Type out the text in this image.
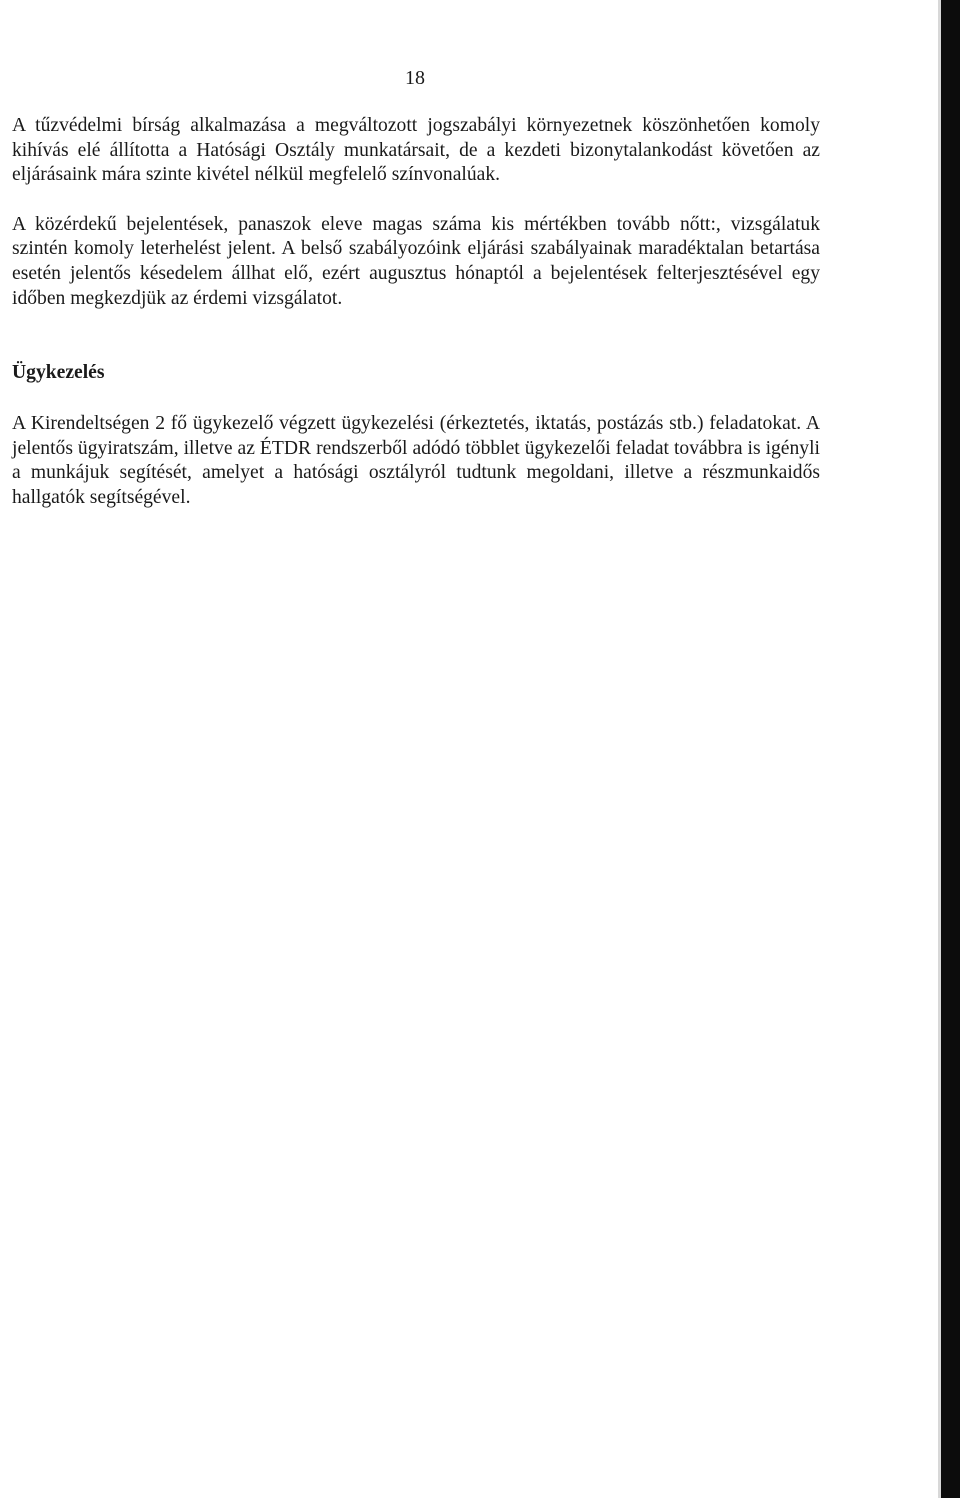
18

A tűzvédelmi bírság alkalmazása a megváltozott jogszabályi környezetnek köszönhetően komoly kihívás elé állította a Hatósági Osztály munkatársait, de a kezdeti bizonytalankodást követően az eljárásaink mára szinte kivétel nélkül megfelelő színvonalúak.

A közérdekű bejelentések, panaszok eleve magas száma kis mértékben tovább nőtt:, vizsgálatuk szintén komoly leterhelést jelent. A belső szabályozóink eljárási szabályainak maradéktalan betartása esetén jelentős késedelem állhat elő, ezért augusztus hónaptól a bejelentések felterjesztésével egy időben megkezdjük az érdemi vizsgálatot.

Ügykezelés

A Kirendeltségen 2 fő ügykezelő végzett ügykezelési (érkeztetés, iktatás, postázás stb.) feladatokat. A jelentős ügyiratszám, illetve az ÉTDR rendszerből adódó többlet ügykezelői feladat továbbra is igényli a munkájuk segítését, amelyet a hatósági osztályról tudtunk megoldani, illetve a részmunkaidős hallgatók segítségével.
